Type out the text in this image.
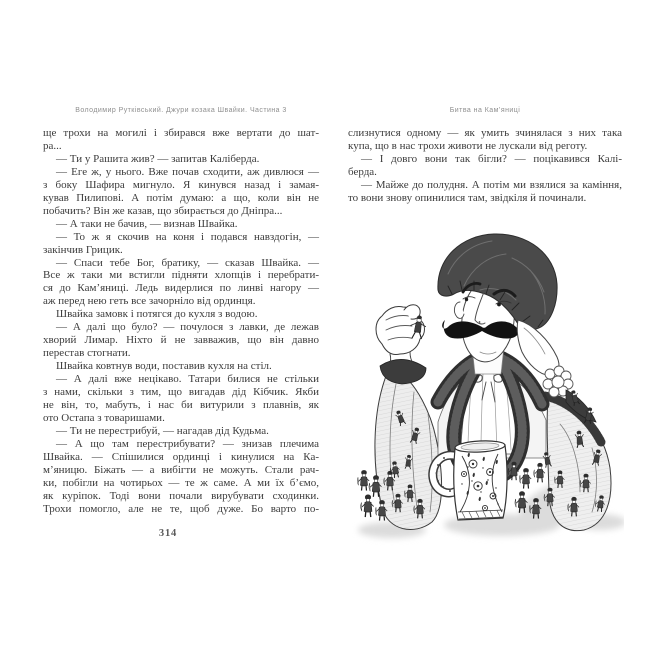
Володимир Рутківський. Джури козака Швайки. Частина 3	Битва на Кам’яниці
ще трохи на могилі і збирався вже вертати до шат-
ра...
— Ти у Рашита жив? — запитав Каліберда.
— Еге ж, у нього. Вже почав сходити, аж дивлюся —
з боку Шафира мигнуло. Я кинувся назад і замая-
кував Пилипові. А потім думаю: а що, коли він не
побачить? Він же казав, що збирається до Дніпра...
— А таки не бачив, — визнав Швайка.
— То ж я скочив на коня і подався навздогін, —
закінчив Грицик.
— Спаси тебе Бог, братику, — сказав Швайка. —
Все ж таки ми встигли підняти хлопців і перебрати-
ся до Кам’яниці. Ледь видерлися по линві нагору —
аж перед нею геть все зачорніло від ординця.
Швайка замовк і потягся до кухля з водою.
— А далі що було? — почулося з лавки, де лежав
хворий Лимар. Ніхто й не завважив, що він давно
перестав стогнати.
Швайка ковтнув води, поставив кухля на стіл.
— А далі вже нецікаво. Татари билися не стільки
з нами, скільки з тим, що вигадав дід Кібчик. Якби
не він, то, мабуть, і нас би витурили з плавнів, як
ото Остапа з товаришами.
— Ти не перестрибуй, — нагадав дід Кудьма.
— А що там перестрибувати? — знизав плечима
Швайка. — Спішилися ординці і кинулися на Ка-
м’яницю. Біжать — а вибігти не можуть. Стали рач-
ки, побігли на чотирьох — те ж саме. А ми їх б’ємо,
як куріпок. Тоді вони почали вирубувати сходинки.
Трохи помогло, але не те, щоб дуже. Бо варто по-
слизнутися одному — як умить зчинялася з них така
купа, що в нас трохи животи не лускали від реготу.
— І довго вони так бігли? — поцікавився Калі-
берда.
— Майже до полудня. А потім ми взялися за каміння,
то вони знову опинилися там, звідкіля й починали.
314
